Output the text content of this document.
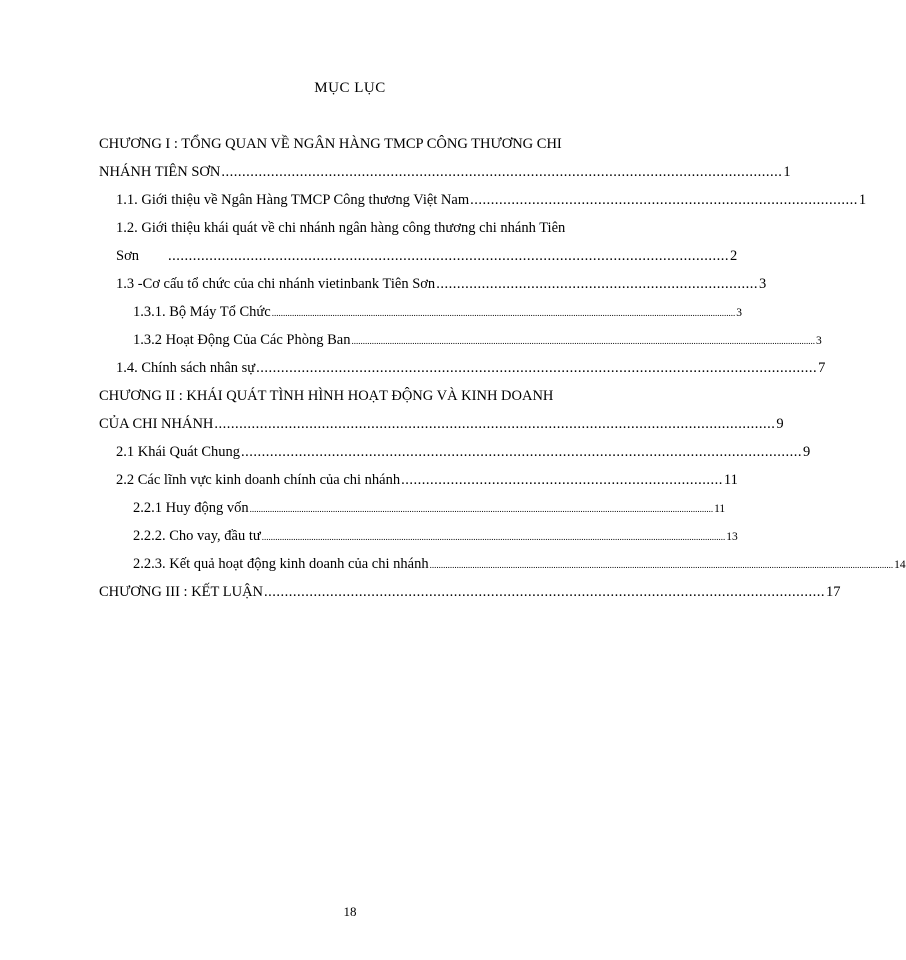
MỤC LỤC
CHƯƠNG I : TỔNG QUAN VỀ NGÂN HÀNG TMCP CÔNG THƯƠNG CHI
NHÁNH TIÊN SƠN ........................................................................................................................................ 1
1.1. Giới thiệu về Ngân Hàng TMCP Công thương Việt Nam .............................................................................................. 1
1.2. Giới thiệu khái quát về chi nhánh ngân hàng công thương chi nhánh Tiên
Sơn ........................................................................................................................................ 2
1.3 -Cơ cấu tổ chức của chi nhánh vietinbank Tiên Sơn .............................................................................. 3
1.3.1. Bộ Máy Tổ Chức .............................................................................................................................................................................................................. 3
1.3.2 Hoạt Động Của Các Phòng Ban .............................................................................................................................................................................................................. 3
1.4. Chính sách nhân sự ........................................................................................................................................ 7
CHƯƠNG II : KHÁI QUÁT TÌNH HÌNH HOẠT ĐỘNG VÀ KINH DOANH
CỦA CHI NHÁNH ........................................................................................................................................ 9
2.1 Khái Quát Chung ........................................................................................................................................ 9
2.2 Các lĩnh vực kinh doanh chính của chi nhánh .............................................................................. 11
2.2.1 Huy động vốn .............................................................................................................................................................................................................. 11
2.2.2. Cho vay, đầu tư .............................................................................................................................................................................................................. 13
2.2.3. Kết quả hoạt động kinh doanh của chi nhánh .............................................................................................................................................................................................................. 14
CHƯƠNG III : KẾT LUẬN ........................................................................................................................................ 17
18
